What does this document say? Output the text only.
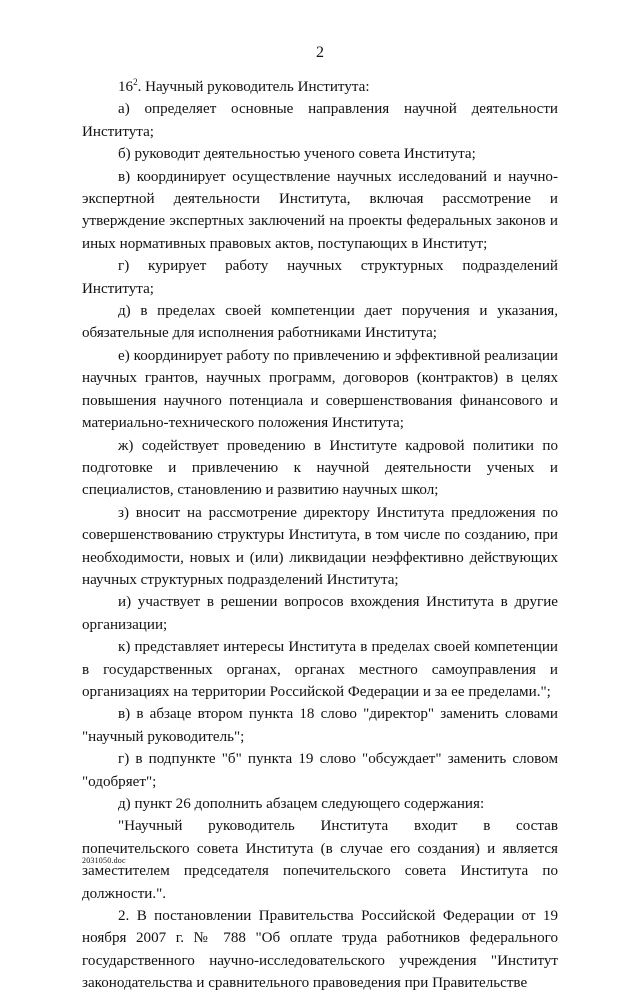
2

$16^2$. Научный руководитель Института:

а) определяет основные направления научной деятельности Института;

б) руководит деятельностью ученого совета Института;

в) координирует осуществление научных исследований и научно-экспертной деятельности Института, включая рассмотрение и утверждение экспертных заключений на проекты федеральных законов и иных нормативных правовых актов, поступающих в Институт;

г) курирует работу научных структурных подразделений Института;

д) в пределах своей компетенции дает поручения и указания, обязательные для исполнения работниками Института;

е) координирует работу по привлечению и эффективной реализации научных грантов, научных программ, договоров (контрактов) в целях повышения научного потенциала и совершенствования финансового и материально-технического положения Института;

ж) содействует проведению в Институте кадровой политики по подготовке и привлечению к научной деятельности ученых и специалистов, становлению и развитию научных школ;

з) вносит на рассмотрение директору Института предложения по совершенствованию структуры Института, в том числе по созданию, при необходимости, новых и (или) ликвидации неэффективно действующих научных структурных подразделений Института;

и) участвует в решении вопросов вхождения Института в другие организации;

к) представляет интересы Института в пределах своей компетенции в государственных органах, органах местного самоуправления и организациях на территории Российской Федерации и за ее пределами.";

в) в абзаце втором пункта 18 слово "директор" заменить словами "научный руководитель";

г) в подпункте "б" пункта 19 слово "обсуждает" заменить словом "одобряет";

д) пункт 26 дополнить абзацем следующего содержания:

"Научный руководитель Института входит в состав попечительского совета Института (в случае его создания) и является заместителем председателя попечительского совета Института по должности.".

2. В постановлении Правительства Российской Федерации от 19 ноября 2007 г. № 788 "Об оплате труда работников федерального государственного научно-исследовательского учреждения "Институт законодательства и сравнительного правоведения при Правительстве

2031050.doc
